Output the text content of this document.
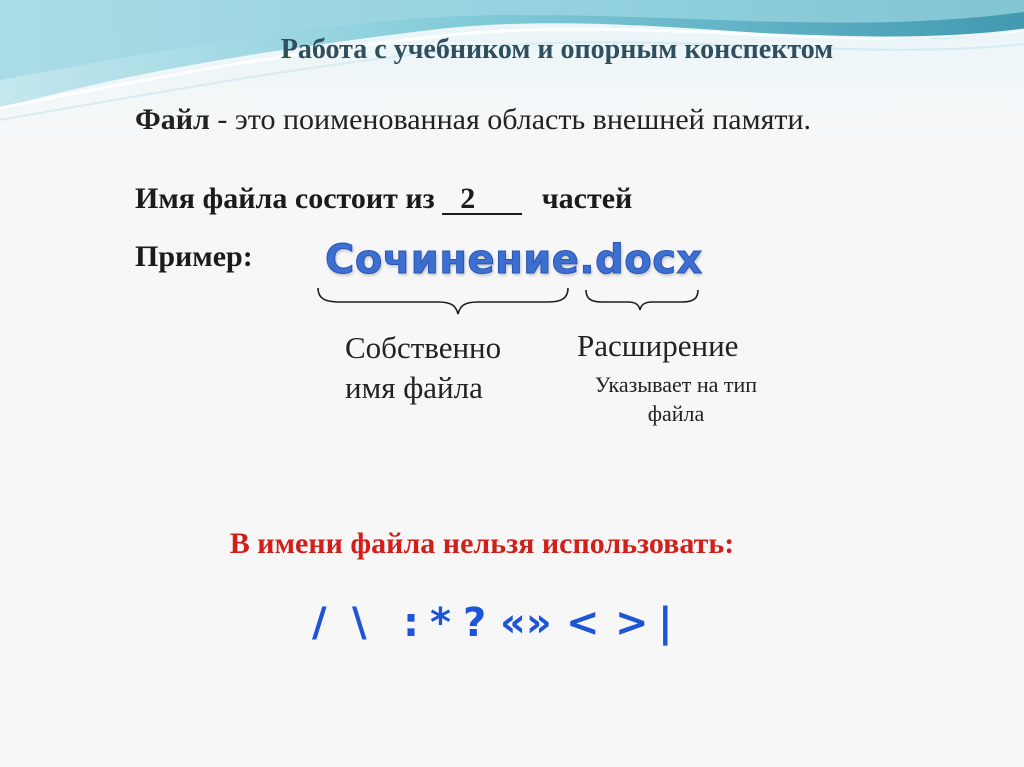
Работа с учебником и опорным конспектом
Файл - это поименованная область внешней памяти.
Имя файла состоит из 2 частей
Пример: Сочинение.docx
Собственно имя файла
Расширение
Указывает на тип файла
В имени файла нельзя использовать:
/ \ : * ? «» < > |
